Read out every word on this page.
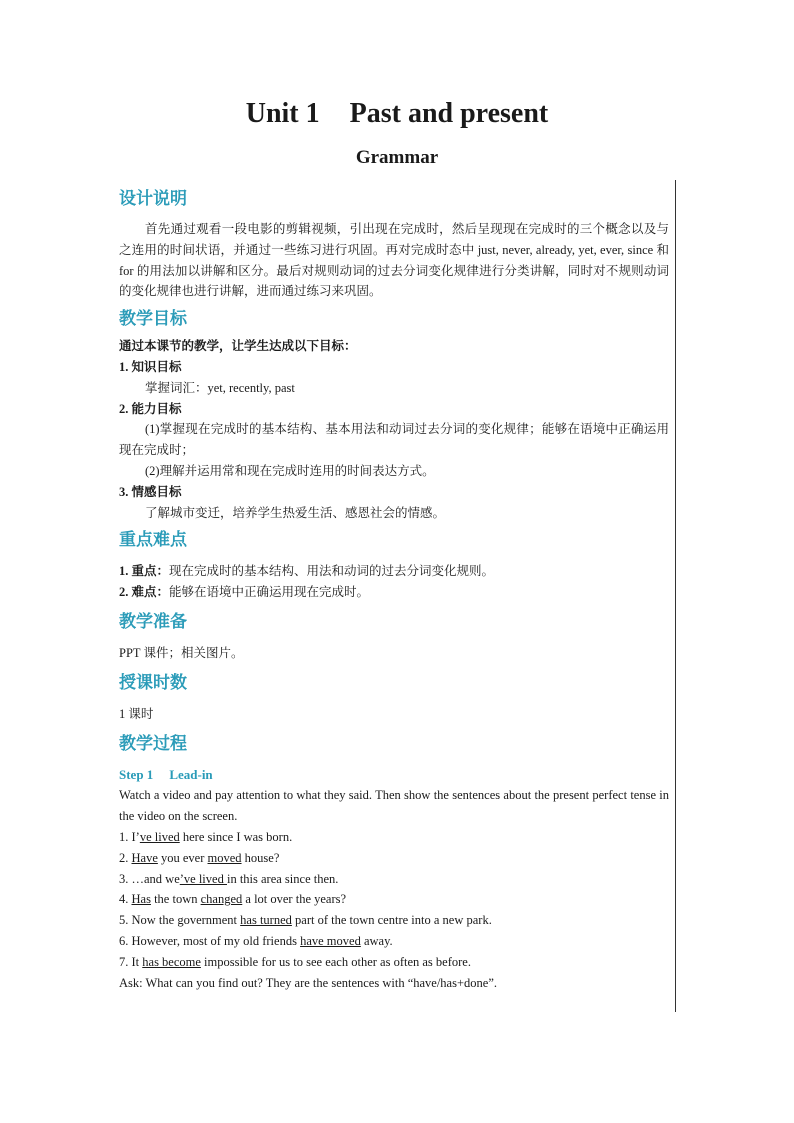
Unit 1 Past and present
Grammar
设计说明

首先通过观看一段电影的剪辑视频，引出现在完成时，然后呈现现在完成时的三个概念以及与之连用的时间状语，并通过一些练习进行巩固。再对完成时态中 just, never, already, yet, ever, since 和 for 的用法加以讲解和区分。最后对规则动词的过去分词变化规律进行分类讲解，同时对不规则动词的变化规律也进行讲解，进而通过练习来巩固。

教学目标

通过本课节的教学，让学生达成以下目标：

1. 知识目标

掌握词汇：yet, recently, past

2. 能力目标

(1)掌握现在完成时的基本结构、基本用法和动词过去分词的变化规律；能够在语境中正确运用现在完成时；

(2)理解并运用常和现在完成时连用的时间表达方式。

3. 情感目标

了解城市变迁，培养学生热爱生活、感恩社会的情感。

重点难点

1. 重点：现在完成时的基本结构、用法和动词的过去分词变化规则。

2. 难点：能够在语境中正确运用现在完成时。

教学准备

PPT 课件；相关图片。

授课时数

1 课时

教学过程

Step 1 Lead-in

Watch a video and pay attention to what they said. Then show the sentences about the present perfect tense in the video on the screen.

1. I’ve lived here since I was born.

2. Have you ever moved house?

3. …and we’ve lived in this area since then.

4. Has the town changed a lot over the years?

5. Now the government has turned part of the town centre into a new park.

6. However, most of my old friends have moved away.

7. It has become impossible for us to see each other as often as before.

Ask: What can you find out? They are the sentences with “have/has+done”.
